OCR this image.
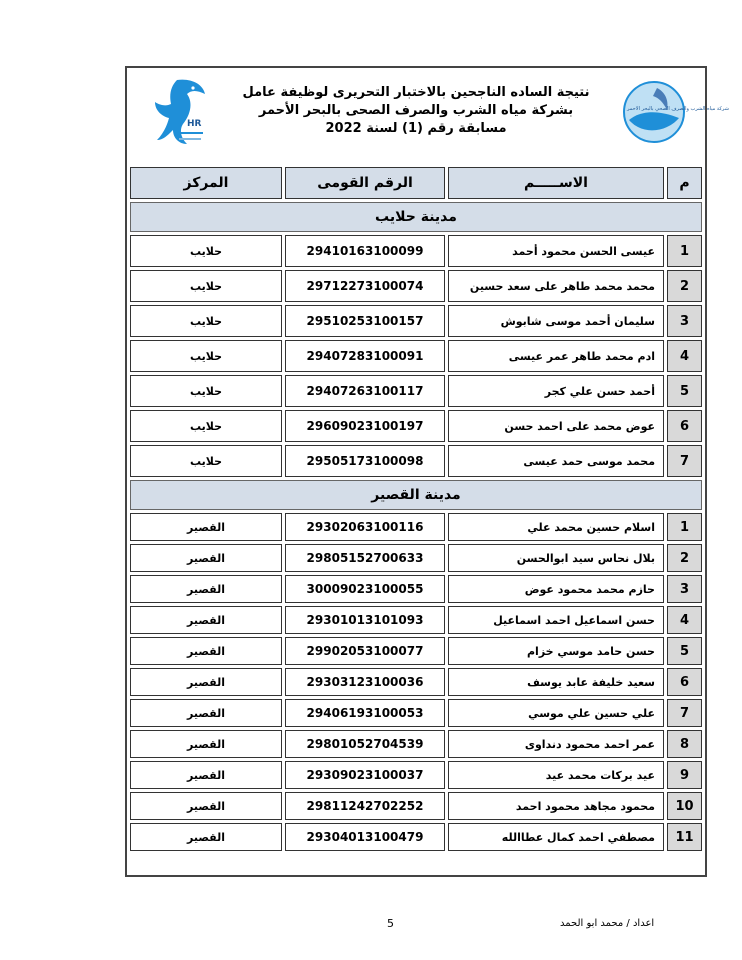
HR
نتيجة الساده الناجحين بالاختبار التحريرى لوظيفة عامل
بشركة مياه الشرب والصرف الصحى بالبحر الأحمر
مسابقة رقم (1) لسنة 2022
شركة مياه الشرب والصرف الصحي بالبحر الاحمر
م	الاســـــم	الرقم القومى	المركز
مدينة حلايب			
1	عيسى الحسن محمود أحمد	29410163100099	حلايب
2	محمد محمد طاهر على سعد حسين	29712273100074	حلايب
3	سليمان أحمد موسى شابوش	29510253100157	حلايب
4	ادم محمد طاهر عمر عيسى	29407283100091	حلايب
5	أحمد حسن علي كجر	29407263100117	حلايب
6	عوض محمد على احمد حسن	29609023100197	حلايب
7	محمد موسى حمد عيسى	29505173100098	حلايب
مدينة القصير			
1	اسلام حسين محمد علي	29302063100116	القصير
2	بلال نحاس سيد ابوالحسن	29805152700633	القصير
3	حازم محمد محمود عوض	30009023100055	القصير
4	حسن اسماعيل احمد اسماعيل	29301013101093	القصير
5	حسن حامد موسي خزام	29902053100077	القصير
6	سعيد خليفة عابد يوسف	29303123100036	القصير
7	علي حسين علي موسي	29406193100053	القصير
8	عمر احمد محمود دنداوى	29801052704539	القصير
9	عيد بركات محمد عيد	29309023100037	القصير
10	محمود مجاهد محمود احمد	29811242702252	القصير
11	مصطفي احمد كمال عطاالله	29304013100479	القصير
5	اعداد / محمد ابو الحمد
